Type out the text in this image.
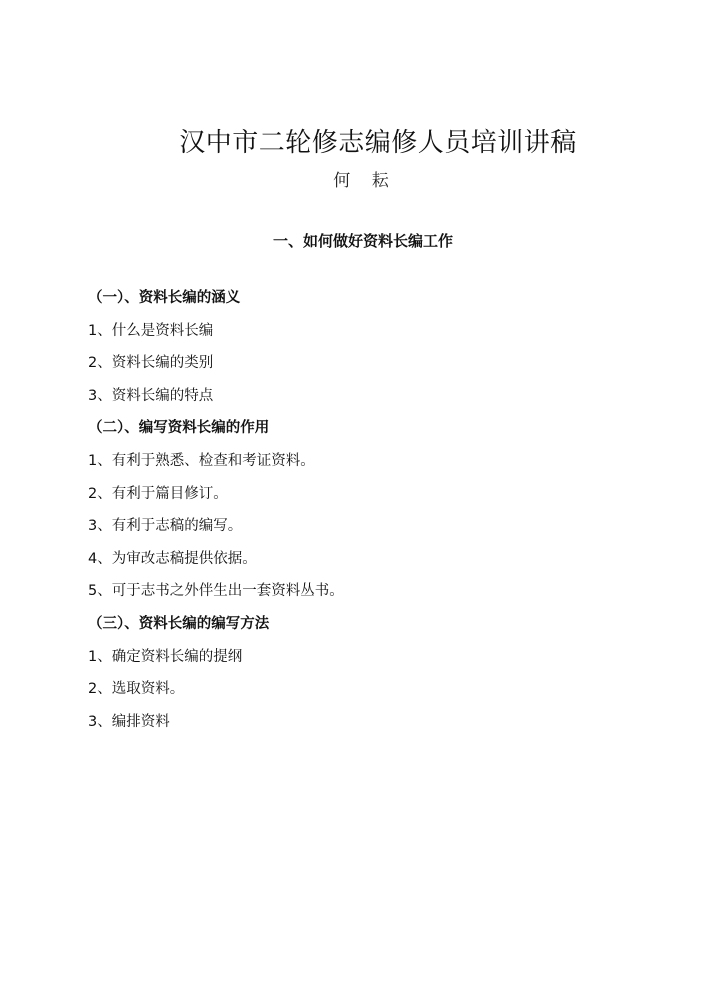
汉中市二轮修志编修人员培训讲稿
何 耘
一、如何做好资料长编工作
（一）、资料长编的涵义
1、什么是资料长编
2、资料长编的类别
3、资料长编的特点
（二）、编写资料长编的作用
1、有利于熟悉、检查和考证资料。
2、有利于篇目修订。
3、有利于志稿的编写。
4、为审改志稿提供依据。
5、可于志书之外伴生出一套资料丛书。
（三）、资料长编的编写方法
1、确定资料长编的提纲
2、选取资料。
3、编排资料
